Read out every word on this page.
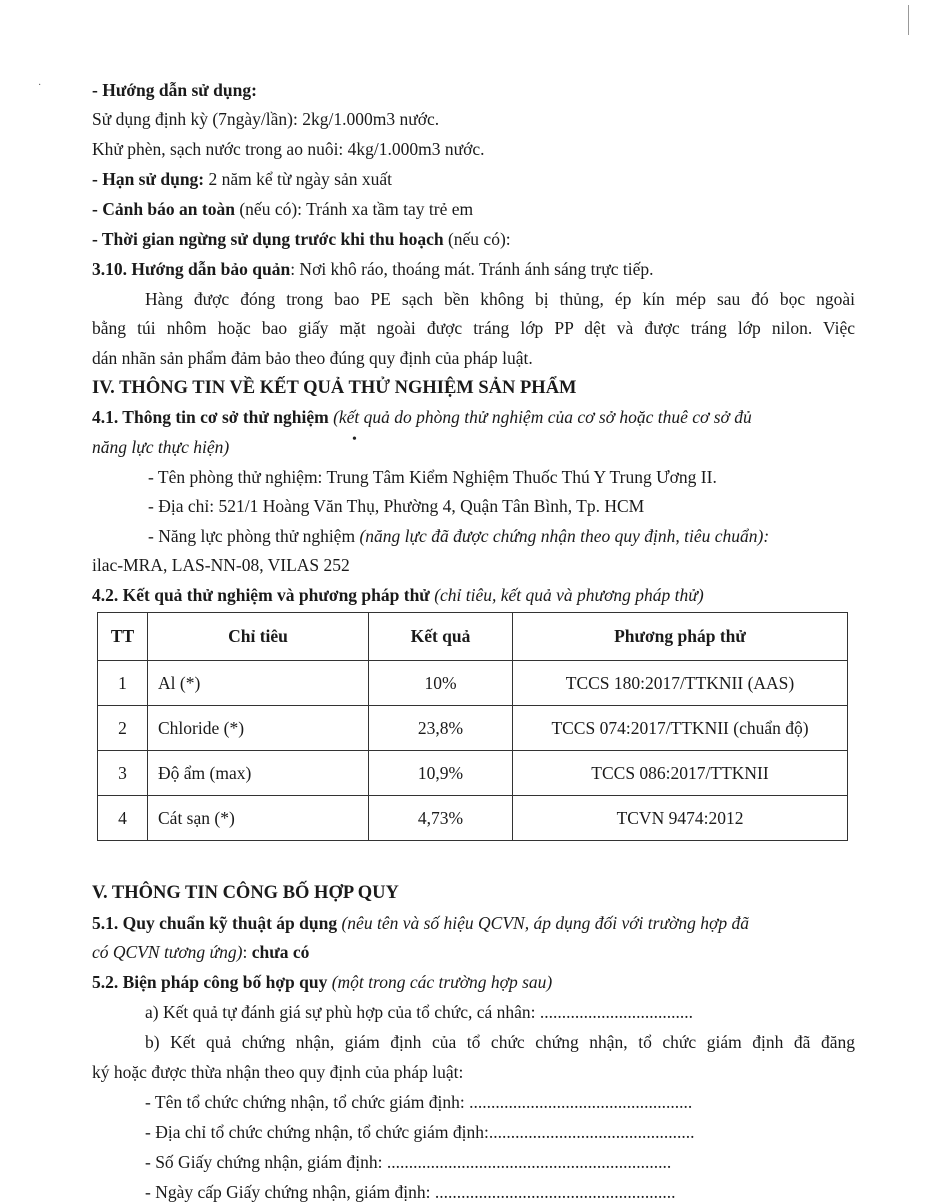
- Hướng dẫn sử dụng:
Sử dụng định kỳ (7ngày/lần): 2kg/1.000m3 nước.
Khử phèn, sạch nước trong ao nuôi: 4kg/1.000m3 nước.
- Hạn sử dụng: 2 năm kể từ ngày sản xuất
- Cảnh báo an toàn (nếu có): Tránh xa tầm tay trẻ em
- Thời gian ngừng sử dụng trước khi thu hoạch (nếu có):
3.10. Hướng dẫn bảo quản: Nơi khô ráo, thoáng mát. Tránh ánh sáng trực tiếp.
Hàng được đóng trong bao PE sạch bền không bị thủng, ép kín mép sau đó bọc ngoài
bằng túi nhôm hoặc bao giấy mặt ngoài được tráng lớp PP dệt và được tráng lớp nilon. Việc
dán nhãn sản phẩm đảm bảo theo đúng quy định của pháp luật.
IV. THÔNG TIN VỀ KẾT QUẢ THỬ NGHIỆM SẢN PHẨM
4.1. Thông tin cơ sở thử nghiệm (kết quả do phòng thử nghiệm của cơ sở hoặc thuê cơ sở đủ
năng lực thực hiện)
- Tên phòng thử nghiệm: Trung Tâm Kiểm Nghiệm Thuốc Thú Y Trung Ương II.
- Địa chỉ: 521/1 Hoàng Văn Thụ, Phường 4, Quận Tân Bình, Tp. HCM
- Năng lực phòng thử nghiệm (năng lực đã được chứng nhận theo quy định, tiêu chuẩn):
ilac-MRA, LAS-NN-08, VILAS 252
4.2. Kết quả thử nghiệm và phương pháp thử (chỉ tiêu, kết quả và phương pháp thử)
TT	Chỉ tiêu	Kết quả	Phương pháp thử
1	Al (*)	10%	TCCS 180:2017/TTKNII (AAS)
2	Chloride (*)	23,8%	TCCS 074:2017/TTKNII (chuẩn độ)
3	Độ ẩm (max)	10,9%	TCCS 086:2017/TTKNII
4	Cát sạn (*)	4,73%	TCVN 9474:2012
V. THÔNG TIN CÔNG BỐ HỢP QUY
5.1. Quy chuẩn kỹ thuật áp dụng (nêu tên và số hiệu QCVN, áp dụng đối với trường hợp đã
có QCVN tương ứng): chưa có
5.2. Biện pháp công bố hợp quy (một trong các trường hợp sau)
a) Kết quả tự đánh giá sự phù hợp của tổ chức, cá nhân: ...................................
b) Kết quả chứng nhận, giám định của tổ chức chứng nhận, tổ chức giám định đã đăng
ký hoặc được thừa nhận theo quy định của pháp luật:
- Tên tổ chức chứng nhận, tổ chức giám định: ...................................................
- Địa chỉ tổ chức chứng nhận, tổ chức giám định:...............................................
- Số Giấy chứng nhận, giám định: .................................................................
- Ngày cấp Giấy chứng nhận, giám định: .......................................................
·
•
